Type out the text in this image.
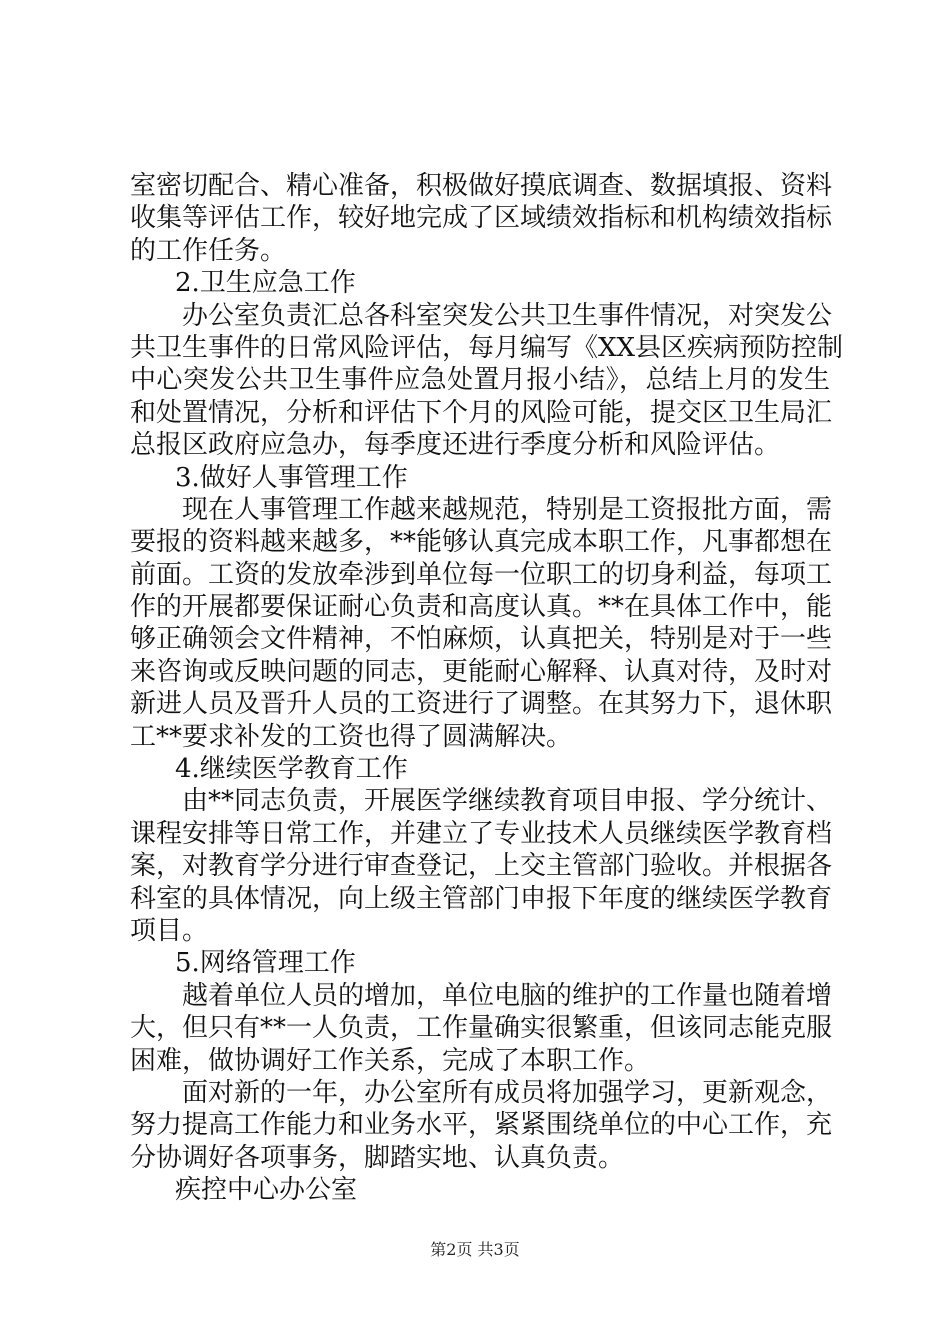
室密切配合、精心准备，积极做好摸底调查、数据填报、资料
收集等评估工作，较好地完成了区域绩效指标和机构绩效指标
的工作任务。
2.卫生应急工作
办公室负责汇总各科室突发公共卫生事件情况，对突发公
共卫生事件的日常风险评估，每月编写《XX县区疾病预防控制
中心突发公共卫生事件应急处置月报小结》，总结上月的发生
和处置情况，分析和评估下个月的风险可能，提交区卫生局汇
总报区政府应急办，每季度还进行季度分析和风险评估。
3.做好人事管理工作
现在人事管理工作越来越规范，特别是工资报批方面，需
要报的资料越来越多，**能够认真完成本职工作，凡事都想在
前面。工资的发放牵涉到单位每一位职工的切身利益，每项工
作的开展都要保证耐心负责和高度认真。**在具体工作中，能
够正确领会文件精神，不怕麻烦，认真把关，特别是对于一些
来咨询或反映问题的同志，更能耐心解释、认真对待，及时对
新进人员及晋升人员的工资进行了调整。在其努力下，退休职
工**要求补发的工资也得了圆满解决。
4.继续医学教育工作
由**同志负责，开展医学继续教育项目申报、学分统计、
课程安排等日常工作，并建立了专业技术人员继续医学教育档
案，对教育学分进行审查登记，上交主管部门验收。并根据各
科室的具体情况，向上级主管部门申报下年度的继续医学教育
项目。
5.网络管理工作
越着单位人员的增加，单位电脑的维护的工作量也随着增
大，但只有**一人负责，工作量确实很繁重，但该同志能克服
困难，做协调好工作关系，完成了本职工作。
面对新的一年，办公室所有成员将加强学习，更新观念，
努力提高工作能力和业务水平，紧紧围绕单位的中心工作，充
分协调好各项事务，脚踏实地、认真负责。
疾控中心办公室
第2页 共3页
